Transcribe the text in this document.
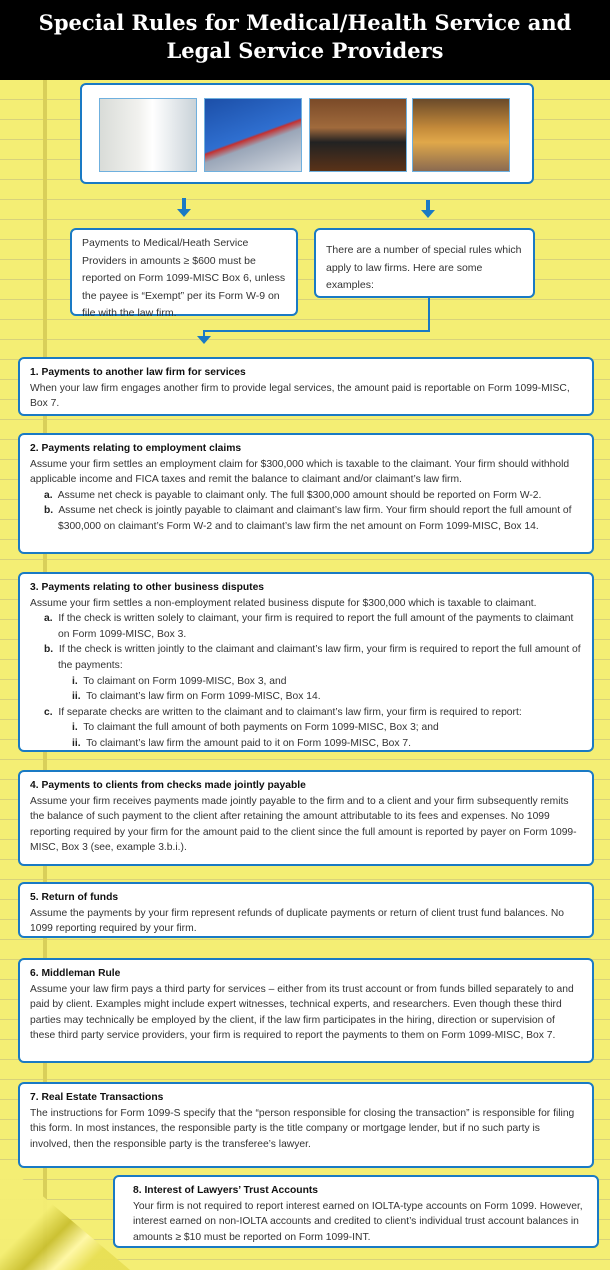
Special Rules for Medical/Health Service and
Legal Service Providers
Payments to Medical/Heath Service Providers in amounts ≥ $600 must be reported on Form 1099-MISC Box 6, unless the payee is “Exempt” per its Form W-9 on file with the law firm.
There are a number of special rules which apply to law firms. Here are some examples:
1. Payments to another law firm for services
When your law firm engages another firm to provide legal services, the amount paid is reportable on Form 1099-MISC, Box 7.
2. Payments relating to employment claims
Assume your firm settles an employment claim for $300,000 which is taxable to the claimant. Your firm should withhold applicable income and FICA taxes and remit the balance to claimant and/or claimant’s law firm.
a. Assume net check is payable to claimant only. The full $300,000 amount should be reported on Form W-2.
b. Assume net check is jointly payable to claimant and claimant’s law firm. Your firm should report the full amount of $300,000 on claimant’s Form W-2 and to claimant’s law firm the net amount on Form 1099-MISC, Box 14.
3. Payments relating to other business disputes
Assume your firm settles a non-employment related business dispute for $300,000 which is taxable to claimant.
a. If the check is written solely to claimant, your firm is required to report the full amount of the payments to claimant on Form 1099-MISC, Box 3.
b. If the check is written jointly to the claimant and claimant’s law firm, your firm is required to report the full amount of the payments:
i. To claimant on Form 1099-MISC, Box 3, and
ii. To claimant’s law firm on Form 1099-MISC, Box 14.
c. If separate checks are written to the claimant and to claimant’s law firm, your firm is required to report:
i. To claimant the full amount of both payments on Form 1099-MISC, Box 3; and
ii. To claimant’s law firm the amount paid to it on Form 1099-MISC, Box 7.
4. Payments to clients from checks made jointly payable
Assume your firm receives payments made jointly payable to the firm and to a client and your firm subsequently remits the balance of such payment to the client after retaining the amount attributable to its fees and expenses. No 1099 reporting required by your firm for the amount paid to the client since the full amount is reported by payer on Form 1099-MISC, Box 3 (see, example 3.b.i.).
5. Return of funds
Assume the payments by your firm represent refunds of duplicate payments or return of client trust fund balances. No 1099 reporting required by your firm.
6. Middleman Rule
Assume your law firm pays a third party for services – either from its trust account or from funds billed separately to and paid by client. Examples might include expert witnesses, technical experts, and researchers. Even though these third parties may technically be employed by the client, if the law firm participates in the hiring, direction or supervision of these third party service providers, your firm is required to report the payments to them on Form 1099-MISC, Box 7.
7. Real Estate Transactions
The instructions for Form 1099-S specify that the “person responsible for closing the transaction” is responsible for filing this form. In most instances, the responsible party is the title company or mortgage lender, but if no such party is involved, then the responsible party is the transferee’s lawyer.
8. Interest of Lawyers’ Trust Accounts
Your firm is not required to report interest earned on IOLTA-type accounts on Form 1099. However, interest earned on non-IOLTA accounts and credited to client’s individual trust account balances in amounts ≥ $10 must be reported on Form 1099-INT.
